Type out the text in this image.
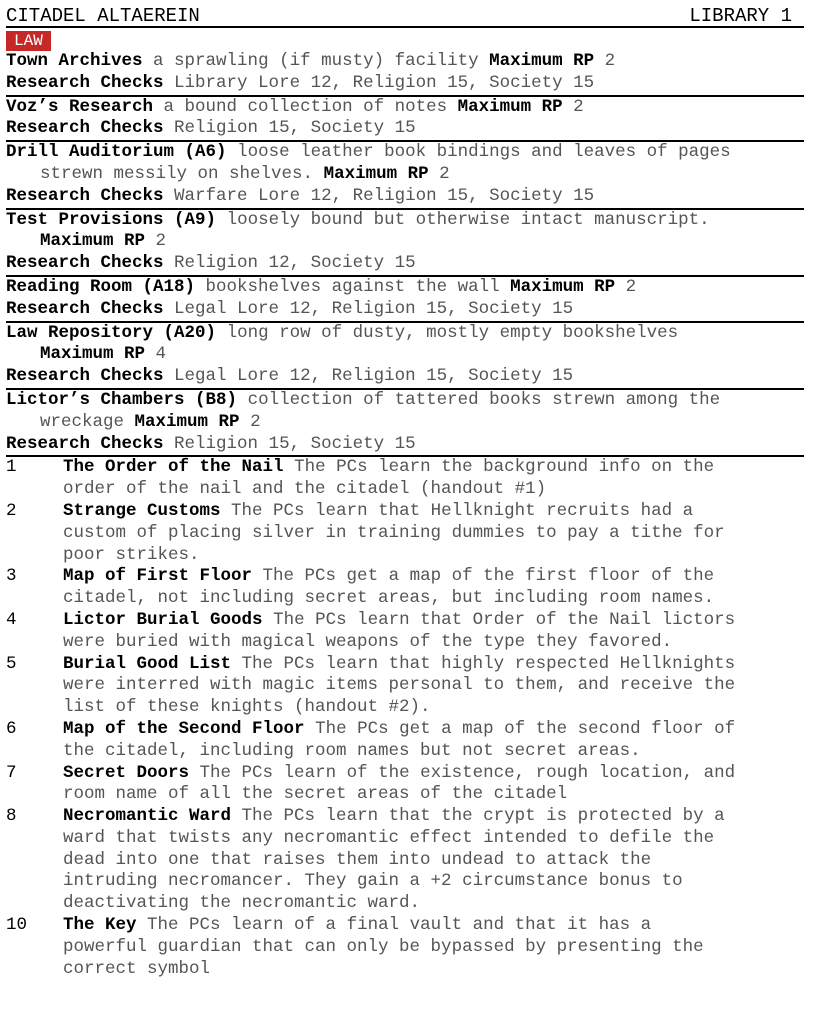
CITADEL ALTAEREIN	LIBRARY 1
LAW
Town Archives a sprawling (if musty) facility Maximum RP 2
Research Checks Library Lore 12, Religion 15, Society 15
Voz’s Research a bound collection of notes Maximum RP 2
Research Checks Religion 15, Society 15
Drill Auditorium (A6) loose leather book bindings and leaves of pages
strewn messily on shelves. Maximum RP 2
Research Checks Warfare Lore 12, Religion 15, Society 15
Test Provisions (A9) loosely bound but otherwise intact manuscript.
Maximum RP 2
Research Checks Religion 12, Society 15
Reading Room (A18) bookshelves against the wall Maximum RP 2
Research Checks Legal Lore 12, Religion 15, Society 15
Law Repository (A20) long row of dusty, mostly empty bookshelves
Maximum RP 4
Research Checks Legal Lore 12, Religion 15, Society 15
Lictor’s Chambers (B8) collection of tattered books strewn among the
wreckage Maximum RP 2
Research Checks Religion 15, Society 15
1	The Order of the Nail The PCs learn the background info on the
order of the nail and the citadel (handout #1)
2	Strange Customs The PCs learn that Hellknight recruits had a
custom of placing silver in training dummies to pay a tithe for
poor strikes.
3	Map of First Floor The PCs get a map of the first floor of the
citadel, not including secret areas, but including room names.
4	Lictor Burial Goods The PCs learn that Order of the Nail lictors
were buried with magical weapons of the type they favored.
5	Burial Good List The PCs learn that highly respected Hellknights
were interred with magic items personal to them, and receive the
list of these knights (handout #2).
6	Map of the Second Floor The PCs get a map of the second floor of
the citadel, including room names but not secret areas.
7	Secret Doors The PCs learn of the existence, rough location, and
room name of all the secret areas of the citadel
8	Necromantic Ward The PCs learn that the crypt is protected by a
ward that twists any necromantic effect intended to defile the
dead into one that raises them into undead to attack the
intruding necromancer. They gain a +2 circumstance bonus to
deactivating the necromantic ward.
10	The Key The PCs learn of a final vault and that it has a
powerful guardian that can only be bypassed by presenting the
correct symbol
